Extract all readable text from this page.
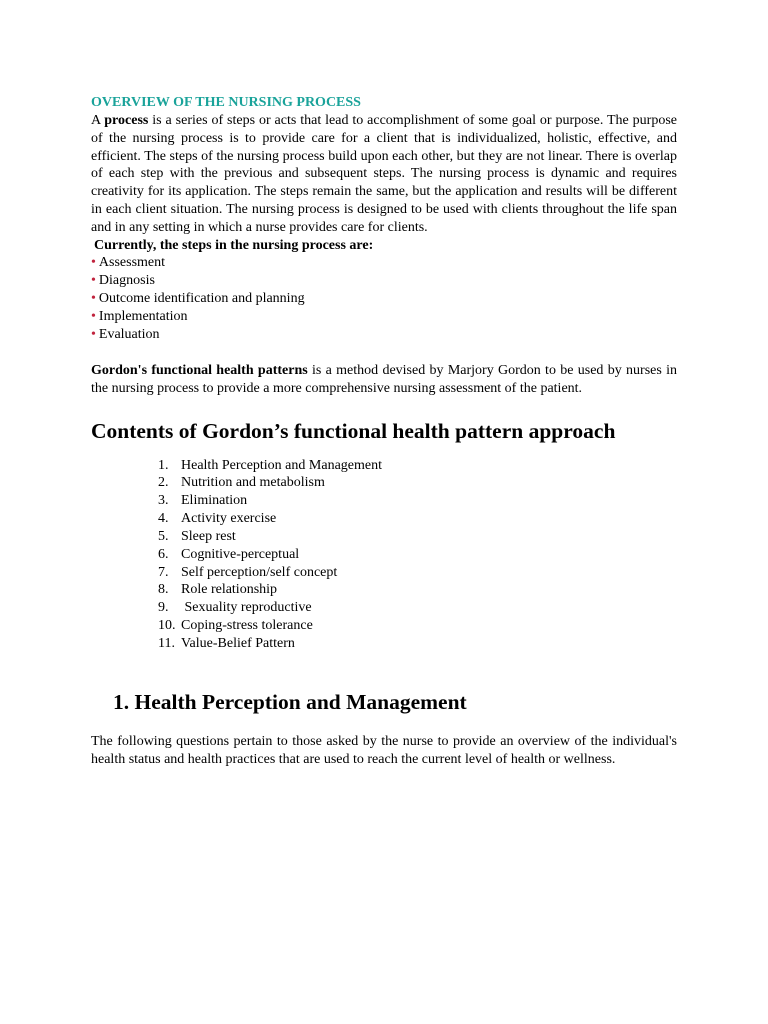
OVERVIEW OF THE NURSING PROCESS

A process is a series of steps or acts that lead to accomplishment of some goal or purpose. The purpose of the nursing process is to provide care for a client that is individualized, holistic, effective, and efficient. The steps of the nursing process build upon each other, but they are not linear. There is overlap of each step with the previous and subsequent steps. The nursing process is dynamic and requires creativity for its application. The steps remain the same, but the application and results will be different in each client situation. The nursing process is designed to be used with clients throughout the life span and in any setting in which a nurse provides care for clients.

Currently, the steps in the nursing process are:
• Assessment
• Diagnosis
• Outcome identification and planning
• Implementation
• Evaluation

Gordon's functional health patterns is a method devised by Marjory Gordon to be used by nurses in the nursing process to provide a more comprehensive nursing assessment of the patient.

Contents of Gordon’s functional health pattern approach
1. Health Perception and Management
2. Nutrition and metabolism
3. Elimination
4. Activity exercise
5. Sleep rest
6. Cognitive-perceptual
7. Self perception/self concept
8. Role relationship
9. Sexuality reproductive
10. Coping-stress tolerance
11. Value-Belief Pattern
1. Health Perception and Management

The following questions pertain to those asked by the nurse to provide an overview of the individual's health status and health practices that are used to reach the current level of health or wellness.
